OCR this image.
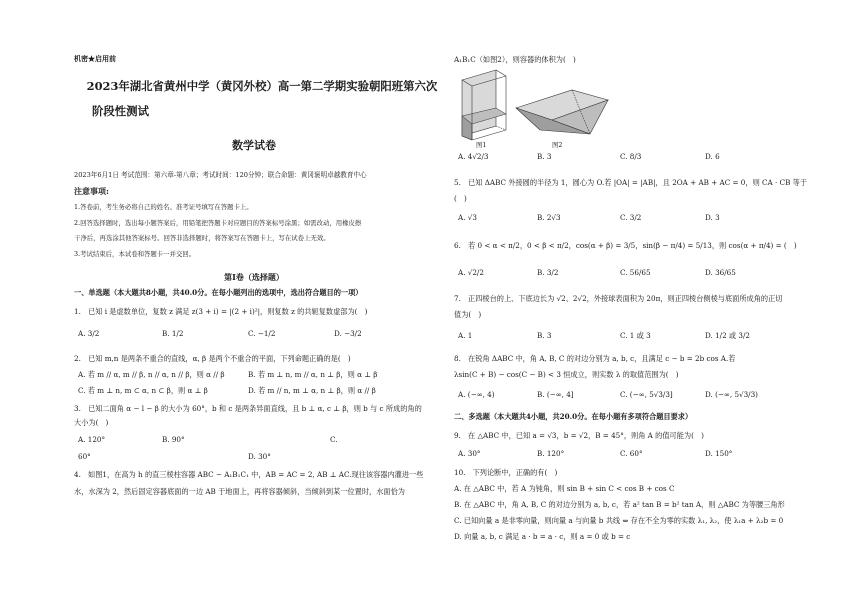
机密★启用前
2023年湖北省黄州中学（黄冈外校）高一第二学期实验朝阳班第六次
阶段性测试
数学试卷
2023年6月1日 考试范围：第六章-第八章；考试时间：120分钟；联合命题：黄冈褒明卓越教育中心
注意事项:
1.答卷前，考生务必将自己的姓名、准考证号填写在答题卡上。
2.回答选择题时，选出每小题答案后，用铅笔把答题卡对应题目的答案标号涂黑；如需改动，用橡皮擦
干净后，再选涂其他答案标号。回答非选择题时，将答案写在答题卡上，写在试卷上无效。
3.考试结束后，本试卷和答题卡一并交回。
第Ⅰ卷（选择题）
一、单选题（本大题共8小题，共40.0分。在每小题列出的选项中，选出符合题目的一项）
1.　已知 i 是虚数单位，复数 z 满足 z(3 + i) = |(2 + i)²|，则复数 z 的共轭复数虚部为(　)
A. 3/2	B. 1/2	C. −1/2	D. −3/2
2.　已知 m,n 是两条不重合的直线，α, β 是两个不重合的平面，下列命题正确的是(　)
A. 若 m // α, m // β, n // α, n // β，则 α // β	B. 若 m ⊥ n, m // α, n ⊥ β，则 α ⊥ β
C. 若 m ⊥ n, m ⊂ α, n ⊂ β，则 α ⊥ β	D. 若 m // n, m ⊥ α, n ⊥ β，则 α // β
3.　已知二面角 α − l − β 的大小为 60°，b 和 c 是两条异面直线，且 b ⊥ α, c ⊥ β，则 b 与 c 所成的角的
大小为(　)
A. 120°	B. 90°	C.
60°	D. 30°
4.　如图1，在高为 h 的直三棱柱容器 ABC − A₁B₁C₁ 中，AB = AC = 2, AB ⊥ AC.现往该容器内灌进一些
水，水深为 2，然后固定容器底面的一边 AB 于地面上，再将容器倾斜，当倾斜到某一位置时，水面恰为
A₁B₁C（如图2），则容器的体积为(　)
图1	图2
A. 4√2/3	B. 3	C. 8/3	D. 6
5.　已知 ΔABC 外接圆的半径为 1，圆心为 O.若 |OA| = |AB|，且 2OA + AB + AC = 0，则 CA · CB 等于
(　)
A. √3	B. 2√3	C. 3/2	D. 3
6.　若 0 < α < π/2，0 < β < π/2，cos(α + β) = 3/5，sin(β − π/4) = 5/13，则 cos(α + π/4) = (　)
A. √2/2	B. 3/2	C. 56/65	D. 36/65
7.　正四棱台的上、下底边长为 √2、2√2，外接球表面积为 20π，则正四棱台侧棱与底面所成角的正切
值为(　)
A. 1	B. 3	C. 1 或 3	D. 1/2 或 3/2
8.　在锐角 ΔABC 中，角 A, B, C 的对边分别为 a, b, c，且满足 c − b = 2b cos A.若
λsin(C + B) − cos(C − B) < 3 恒成立，则实数 λ 的取值范围为(　)
A. (−∞, 4)	B. (−∞, 4]	C. (−∞, 5√3/3]	D. (−∞, 5√3/3)
二、多选题（本大题共4小题，共20.0分。在每小题有多项符合题目要求）
9.　在 △ABC 中，已知 a = √3，b = √2，B = 45°，则角 A 的值可能为(　)
A. 30°	B. 120°	C. 60°	D. 150°
10.　下列论断中，正确的有(　)
A. 在 △ABC 中，若 A 为钝角，则 sin B + sin C < cos B + cos C
B. 在 △ABC 中，角 A, B, C 的对边分别为 a, b, c，若 a² tan B = b² tan A，则 △ABC 为等腰三角形
C. 已知向量 a 是非零向量，则向量 a 与向量 b 共线 ⇔ 存在不全为零的实数 λ₁, λ₂，使 λ₁a + λ₂b = 0
D. 向量 a, b, c 满足 a · b = a · c，则 a = 0 或 b = c
